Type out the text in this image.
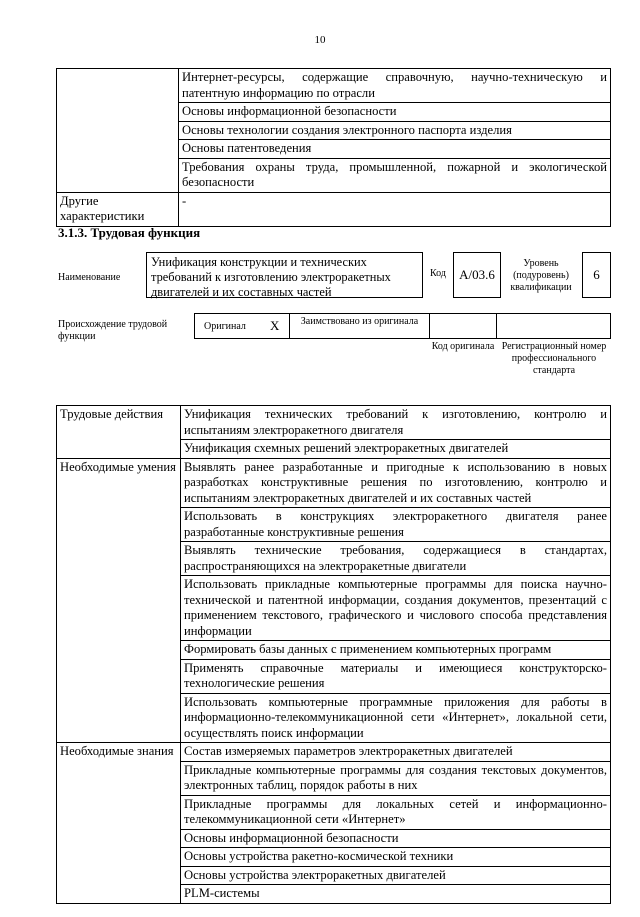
10
	Интернет-ресурсы, содержащие справочную, научно-техническую и патентную информацию по отрасли
	Основы информационной безопасности
	Основы технологии создания электронного паспорта изделия
	Основы патентоведения
	Требования охраны труда, промышленной, пожарной и экологической безопасности
Другие характеристики	-
3.1.3. Трудовая функция
Наименование
Унификация конструкции и технических требований к изготовлению электроракетных двигателей и их составных частей
Код	А/03.6
Уровень (подуровень) квалификации
6
Происхождение трудовой функции
Оригинал X	Заимствовано из оригинала
Код оригинала Регистрационный номер профессионального стандарта
Трудовые действия	Унификация технических требований к изготовлению, контролю и испытаниям электроракетного двигателя
	Унификация схемных решений электроракетных двигателей
Необходимые умения	Выявлять ранее разработанные и пригодные к использованию в новых разработках конструктивные решения по изготовлению, контролю и испытаниям электроракетных двигателей и их составных частей
	Использовать в конструкциях электроракетного двигателя ранее разработанные конструктивные решения
	Выявлять технические требования, содержащиеся в стандартах, распространяющихся на электроракетные двигатели
	Использовать прикладные компьютерные программы для поиска научно-технической и патентной информации, создания документов, презентаций с применением текстового, графического и числового способа представления информации
	Формировать базы данных с применением компьютерных программ
	Применять справочные материалы и имеющиеся конструкторско-технологические решения
	Использовать компьютерные программные приложения для работы в информационно-телекоммуникационной сети «Интернет», локальной сети, осуществлять поиск информации
Необходимые знания	Состав измеряемых параметров электроракетных двигателей
	Прикладные компьютерные программы для создания текстовых документов, электронных таблиц, порядок работы в них
	Прикладные программы для локальных сетей и информационно-телекоммуникационной сети «Интернет»
	Основы информационной безопасности
	Основы устройства ракетно-космической техники
	Основы устройства электроракетных двигателей
	PLM-системы
